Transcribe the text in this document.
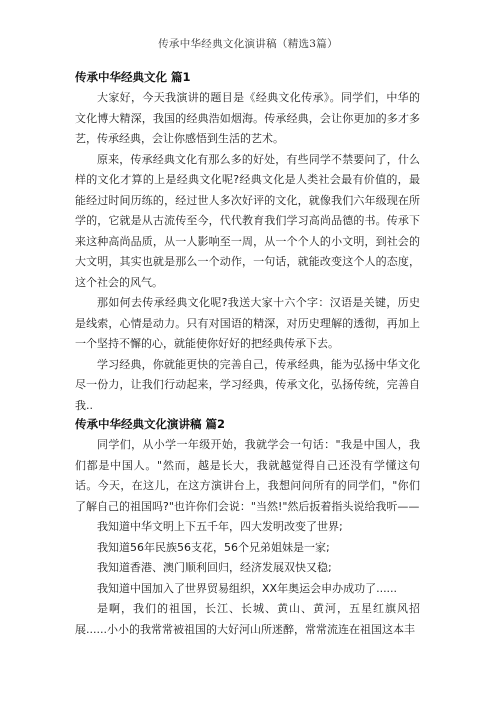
传承中华经典文化演讲稿（精选3篇）
传承中华经典文化 篇1

大家好，今天我演讲的题目是《经典文化传承》。同学们，中华的文化博大精深，我国的经典浩如烟海。传承经典，会让你更加的多才多艺，传承经典，会让你感悟到生活的艺术。

原来，传承经典文化有那么多的好处，有些同学不禁要问了，什么样的文化才算的上是经典文化呢?经典文化是人类社会最有价值的，最能经过时间历练的，经过世人多次好评的文化，就像我们六年级现在所学的，它就是从古流传至今，代代教育我们学习高尚品德的书。传承下来这种高尚品质，从一人影响至一周，从一个个人的小文明，到社会的大文明，其实也就是那么一个动作，一句话，就能改变这个人的态度，这个社会的风气。

那如何去传承经典文化呢?我送大家十六个字：汉语是关键，历史是线索，心情是动力。只有对国语的精深，对历史理解的透彻，再加上一个坚持不懈的心，就能使你好好的把经典传承下去。

学习经典，你就能更快的完善自己，传承经典，能为弘扬中华文化尽一份力，让我们行动起来，学习经典，传承文化，弘扬传统，完善自我..

传承中华经典文化演讲稿 篇2

同学们，从小学一年级开始，我就学会一句话："我是中国人，我们都是中国人。"然而，越是长大，我就越觉得自己还没有学懂这句话。今天，在这儿，在这方演讲台上，我想问问所有的同学们，"你们了解自己的祖国吗?"也许你们会说："当然!"然后扳着指头说给我听——

我知道中华文明上下五千年，四大发明改变了世界;

我知道56年民族56支花，56个兄弟姐妹是一家;

我知道香港、澳门顺利回归，经济发展双快又稳;

我知道中国加入了世界贸易组织，XX年奥运会申办成功了......

是啊，我们的祖国，长江、长城、黄山、黄河，五星红旗风招展......小小的我常常被祖国的大好河山所迷醉，常常流连在祖国这本丰
